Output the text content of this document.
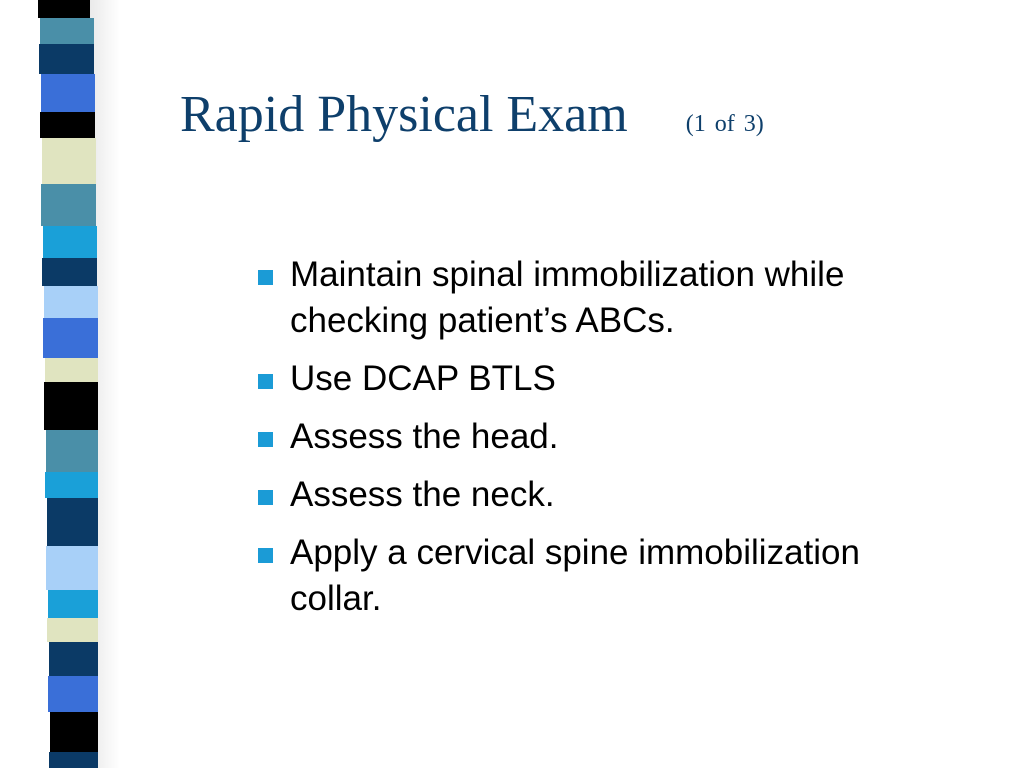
Rapid Physical Exam (1 of 3)
Maintain spinal immobilization while checking patient’s ABCs.
Use DCAP BTLS
Assess the head.
Assess the neck.
Apply a cervical spine immobilization collar.
